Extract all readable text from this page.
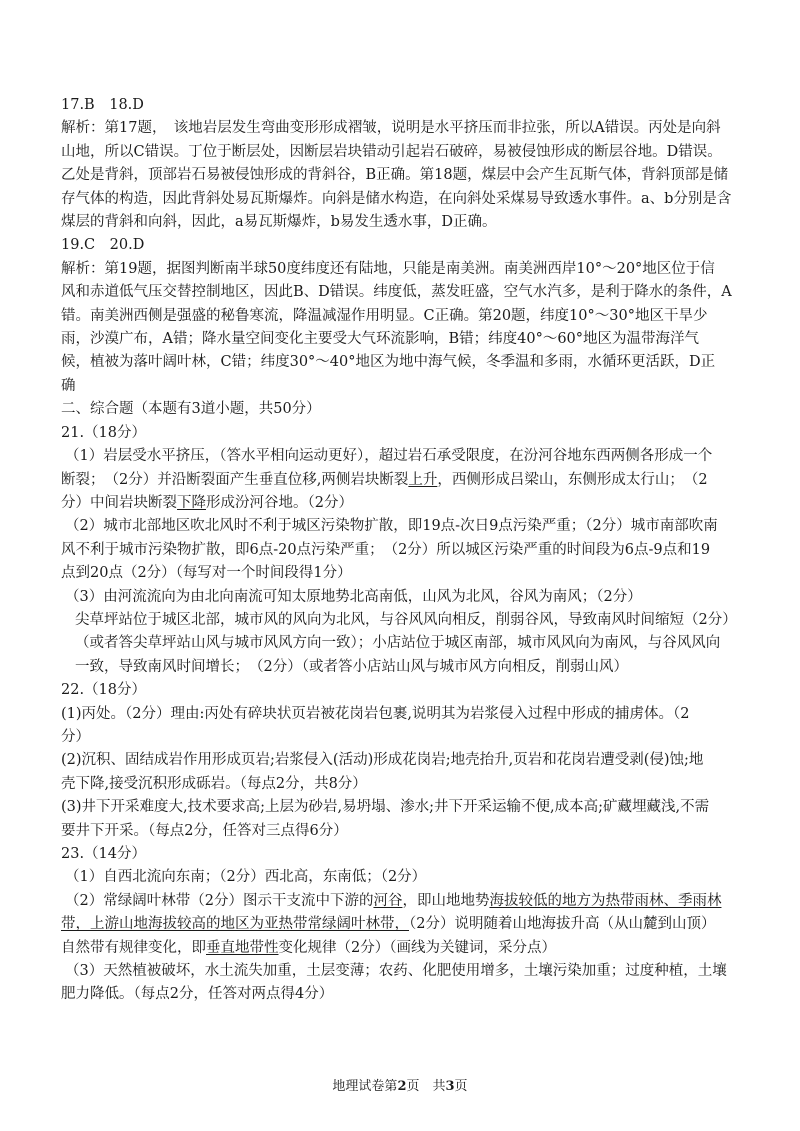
17.B　18.D
解析：第17题，　该地岩层发生弯曲变形形成褶皱，说明是水平挤压而非拉张，所以A错误。丙处是向斜
山地，所以C错误。丁位于断层处，因断层岩块错动引起岩石破碎，易被侵蚀形成的断层谷地。D错误。
乙处是背斜，顶部岩石易被侵蚀形成的背斜谷，B正确。第18题，煤层中会产生瓦斯气体，背斜顶部是储
存气体的构造，因此背斜处易瓦斯爆炸。向斜是储水构造，在向斜处采煤易导致透水事件。a、b分别是含
煤层的背斜和向斜，因此，a易瓦斯爆炸，b易发生透水事，D正确。
19.C　20.D
解析：第19题，据图判断南半球50度纬度还有陆地，只能是南美洲。南美洲西岸10°～20°地区位于信
风和赤道低气压交替控制地区，因此B、D错误。纬度低，蒸发旺盛，空气水汽多，是利于降水的条件，A
错。南美洲西侧是强盛的秘鲁寒流，降温减湿作用明显。C正确。第20题，纬度10°～30°地区干旱少
雨，沙漠广布，A错；降水量空间变化主要受大气环流影响，B错；纬度40°～60°地区为温带海洋气
候，植被为落叶阔叶林，C错；纬度30°～40°地区为地中海气候，冬季温和多雨，水循环更活跃，D正
确
二、综合题（本题有3道小题，共50分）
21.（18分）
（1）岩层受水平挤压，（答水平相向运动更好），超过岩石承受限度，在汾河谷地东西两侧各形成一个
断裂；　（2分）并沿断裂面产生垂直位移,两侧岩块断裂上升，西侧形成吕梁山，东侧形成太行山；　（2
分）中间岩块断裂下降形成汾河谷地。（2分）
（2）城市北部地区吹北风时不利于城区污染物扩散，即19点-次日9点污染严重；（2分）城市南部吹南
风不利于城市污染物扩散，即6点-20点污染严重；　（2分）所以城区污染严重的时间段为6点-9点和19
点到20点（2分）（每写对一个时间段得1分）
（3）由河流流向为由北向南流可知太原地势北高南低，山风为北风，谷风为南风；（2分）
尖草坪站位于城区北部，城市风的风向为北风，与谷风风向相反，削弱谷风，导致南风时间缩短（2分）
（或者答尖草坪站山风与城市风风方向一致）；小店站位于城区南部，城市风风向为南风，与谷风风向
一致，导致南风时间增长；　（2分）（或者答小店站山风与城市风方向相反，削弱山风）
22.（18分）
(1)丙处。（2分）理由:丙处有碎块状页岩被花岗岩包裹,说明其为岩浆侵入过程中形成的捕虏体。（2
分）
(2)沉积、固结成岩作用形成页岩;岩浆侵入(活动)形成花岗岩;地壳抬升,页岩和花岗岩遭受剥(侵)蚀;地
壳下降,接受沉积形成砾岩。（每点2分，共8分）
(3)井下开采难度大,技术要求高;上层为砂岩,易坍塌、渗水;井下开采运输不便,成本高;矿藏埋藏浅,不需
要井下开采。（每点2分，任答对三点得6分）
23.（14分）
（1）自西北流向东南；（2分）西北高，东南低；（2分）
（2）常绿阔叶林带（2分）图示干支流中下游的河谷，即山地地势海拔较低的地方为热带雨林、季雨林
带，上游山地海拔较高的地区为亚热带常绿阔叶林带，（2分）说明随着山地海拔升高（从山麓到山顶）
自然带有规律变化，即垂直地带性变化规律（2分）（画线为关键词，采分点）
（3）天然植被破坏，水土流失加重，土层变薄；农药、化肥使用增多，土壤污染加重；过度种植，土壤
肥力降低。（每点2分，任答对两点得4分）
地理试卷第2页　共3页
